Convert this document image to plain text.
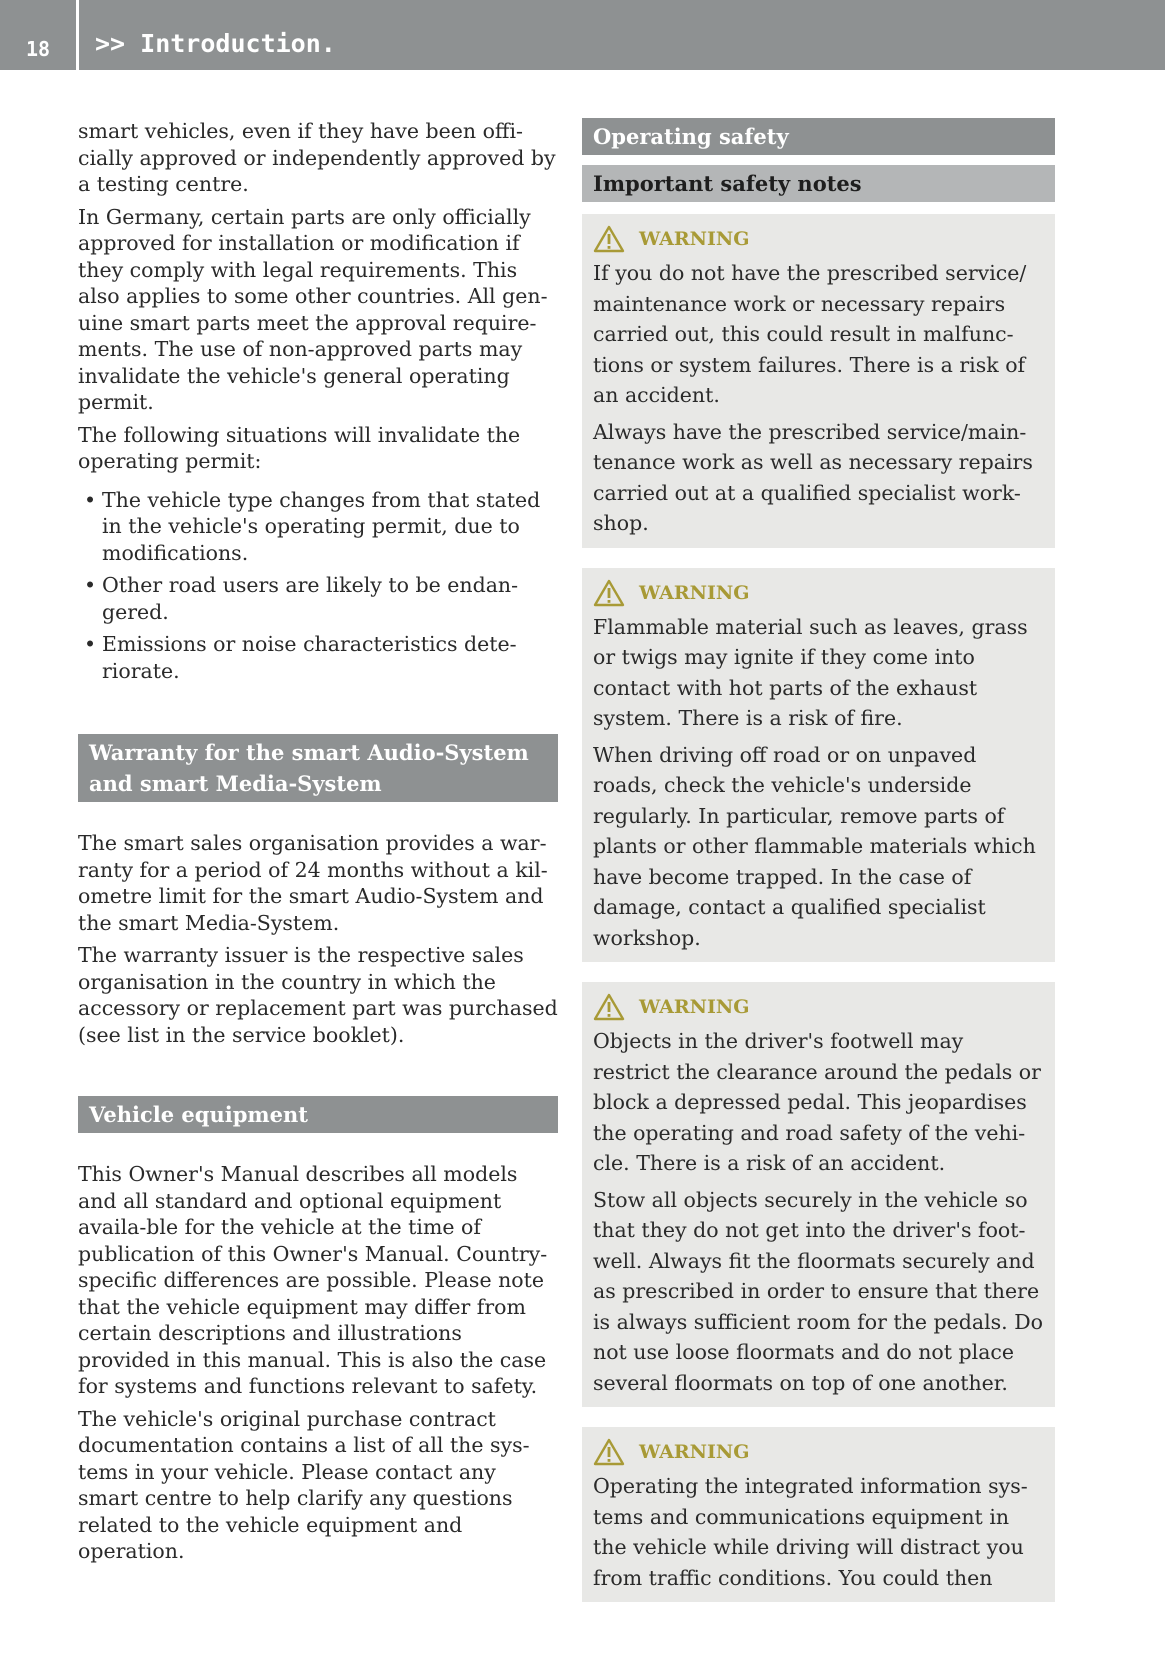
18	>> Introduction.

smart vehicles, even if they have been offi-cially approved or independently approved by a testing centre.

In Germany, certain parts are only officially approved for installation or modification if they comply with legal requirements. This also applies to some other countries. All gen-uine smart parts meet the approval require-ments. The use of non-approved parts may invalidate the vehicle's general operating permit.

The following situations will invalidate the operating permit:

• The vehicle type changes from that stated in the vehicle's operating permit, due to modifications.
• Other road users are likely to be endan-gered.
• Emissions or noise characteristics dete-riorate.
Warranty for the smart Audio-System and smart Media-System

The smart sales organisation provides a war-ranty for a period of 24 months without a kil-ometre limit for the smart Audio-System and the smart Media-System.

The warranty issuer is the respective sales organisation in the country in which the accessory or replacement part was purchased (see list in the service booklet).

Vehicle equipment

This Owner's Manual describes all models and all standard and optional equipment availa-ble for the vehicle at the time of publication of this Owner's Manual. Country-specific differences are possible. Please note that the vehicle equipment may differ from certain descriptions and illustrations provided in this manual. This is also the case for systems and functions relevant to safety.

The vehicle's original purchase contract documentation contains a list of all the sys-tems in your vehicle. Please contact any smart centre to help clarify any questions related to the vehicle equipment and operation.

Operating safety
Important safety notes
WARNING

If you do not have the prescribed service/ maintenance work or necessary repairs carried out, this could result in malfunc-tions or system failures. There is a risk of an accident.

Always have the prescribed service/main-tenance work as well as necessary repairs carried out at a qualified specialist work-shop.

WARNING

Flammable material such as leaves, grass or twigs may ignite if they come into contact with hot parts of the exhaust system. There is a risk of fire.

When driving off road or on unpaved roads, check the vehicle's underside regularly. In particular, remove parts of plants or other flammable materials which have become trapped. In the case of damage, contact a qualified specialist workshop.

WARNING

Objects in the driver's footwell may restrict the clearance around the pedals or block a depressed pedal. This jeopardises the operating and road safety of the vehi-cle. There is a risk of an accident.

Stow all objects securely in the vehicle so that they do not get into the driver's foot-well. Always fit the floormats securely and as prescribed in order to ensure that there is always sufficient room for the pedals. Do not use loose floormats and do not place several floormats on top of one another.

WARNING

Operating the integrated information sys-tems and communications equipment in the vehicle while driving will distract you from traffic conditions. You could then
